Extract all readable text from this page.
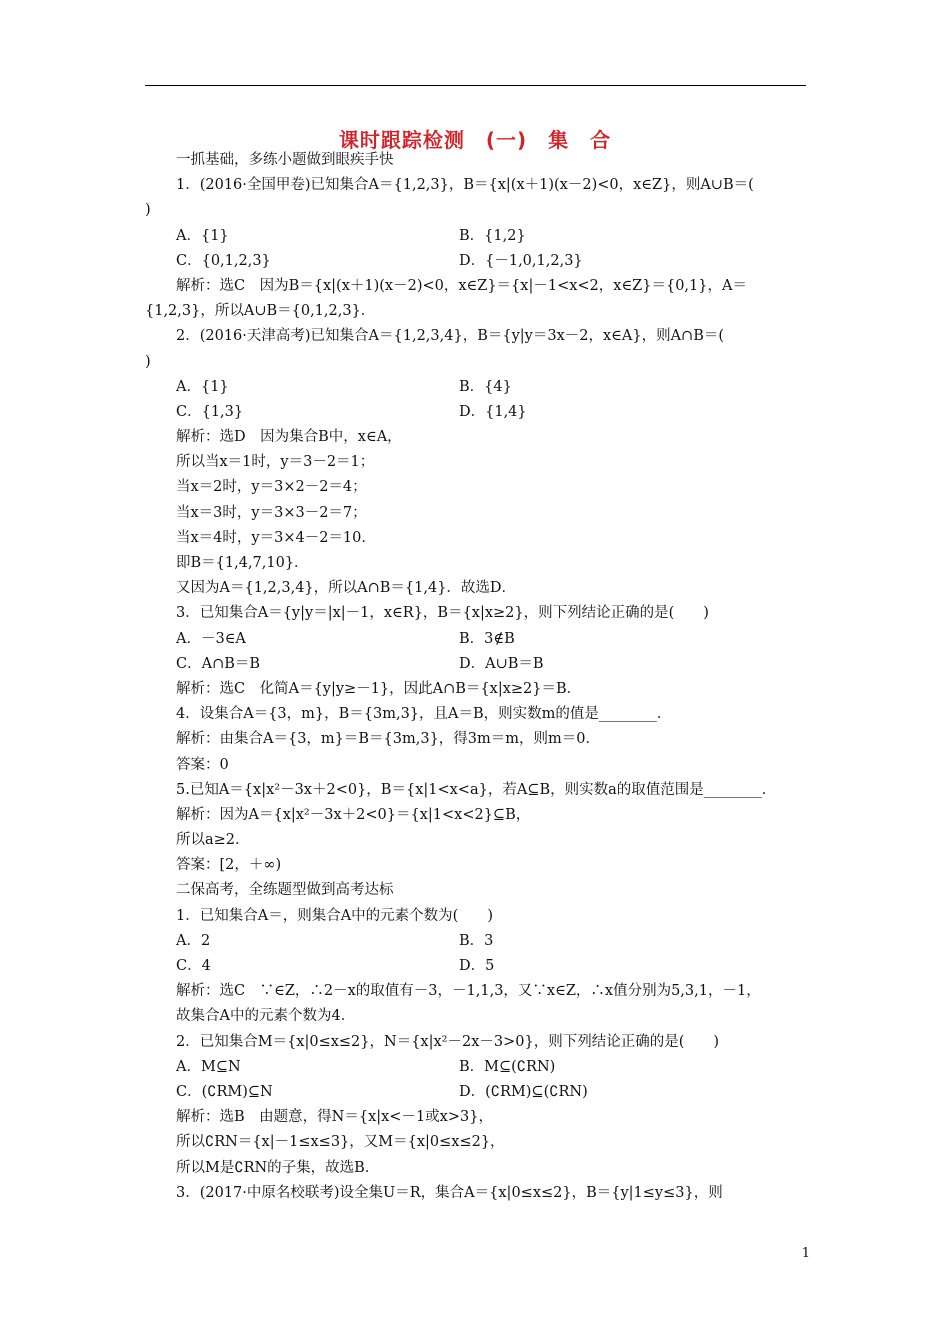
课时跟踪检测　(一)　集　合
一抓基础，多练小题做到眼疾手快
1．(2016·全国甲卷)已知集合A＝{1,2,3}，B＝{x|(x＋1)(x－2)<0，x∈Z}，则A∪B＝(
)
A．{1}	B．{1,2}
C．{0,1,2,3}	D．{－1,0,1,2,3}
解析：选C　因为B＝{x|(x＋1)(x－2)<0，x∈Z}＝{x|－1<x<2，x∈Z}＝{0,1}，A＝
{1,2,3}，所以A∪B＝{0,1,2,3}．
2．(2016·天津高考)已知集合A＝{1,2,3,4}，B＝{y|y＝3x－2，x∈A}，则A∩B＝(
)
A．{1}	B．{4}
C．{1,3}	D．{1,4}
解析：选D　因为集合B中，x∈A，
所以当x＝1时，y＝3－2＝1；
当x＝2时，y＝3×2－2＝4；
当x＝3时，y＝3×3－2＝7；
当x＝4时，y＝3×4－2＝10．
即B＝{1,4,7,10}．
又因为A＝{1,2,3,4}，所以A∩B＝{1,4}．故选D．
3．已知集合A＝{y|y＝|x|－1，x∈R}，B＝{x|x≥2}，则下列结论正确的是(　　)
A．－3∈A	B．3∉B
C．A∩B＝B	D．A∪B＝B
解析：选C　化简A＝{y|y≥－1}，因此A∩B＝{x|x≥2}＝B．
4．设集合A＝{3，m}，B＝{3m,3}，且A＝B，则实数m的值是________．
解析：由集合A＝{3，m}＝B＝{3m,3}，得3m＝m，则m＝0．
答案：0
5.已知A＝{x|x²－3x＋2<0}，B＝{x|1<x<a}，若A⊆B，则实数a的取值范围是________．
解析：因为A＝{x|x²－3x＋2<0}＝{x|1<x<2}⊆B，
所以a≥2．
答案：[2，＋∞)
二保高考，全练题型做到高考达标
1．已知集合A＝，则集合A中的元素个数为(　　)
A．2	B．3
C．4	D．5
解析：选C　∵∈Z，∴2－x的取值有－3，－1,1,3，又∵x∈Z，∴x值分别为5,3,1，－1，
故集合A中的元素个数为4．
2．已知集合M＝{x|0≤x≤2}，N＝{x|x²－2x－3>0}，则下列结论正确的是(　　)
A．M⊆N	B．M⊆(∁RN)
C．(∁RM)⊆N	D．(∁RM)⊆(∁RN)
解析：选B　由题意，得N＝{x|x<－1或x>3}，
所以∁RN＝{x|－1≤x≤3}，又M＝{x|0≤x≤2}，
所以M是∁RN的子集，故选B．
3．(2017·中原名校联考)设全集U＝R，集合A＝{x|0≤x≤2}，B＝{y|1≤y≤3}，则
1
